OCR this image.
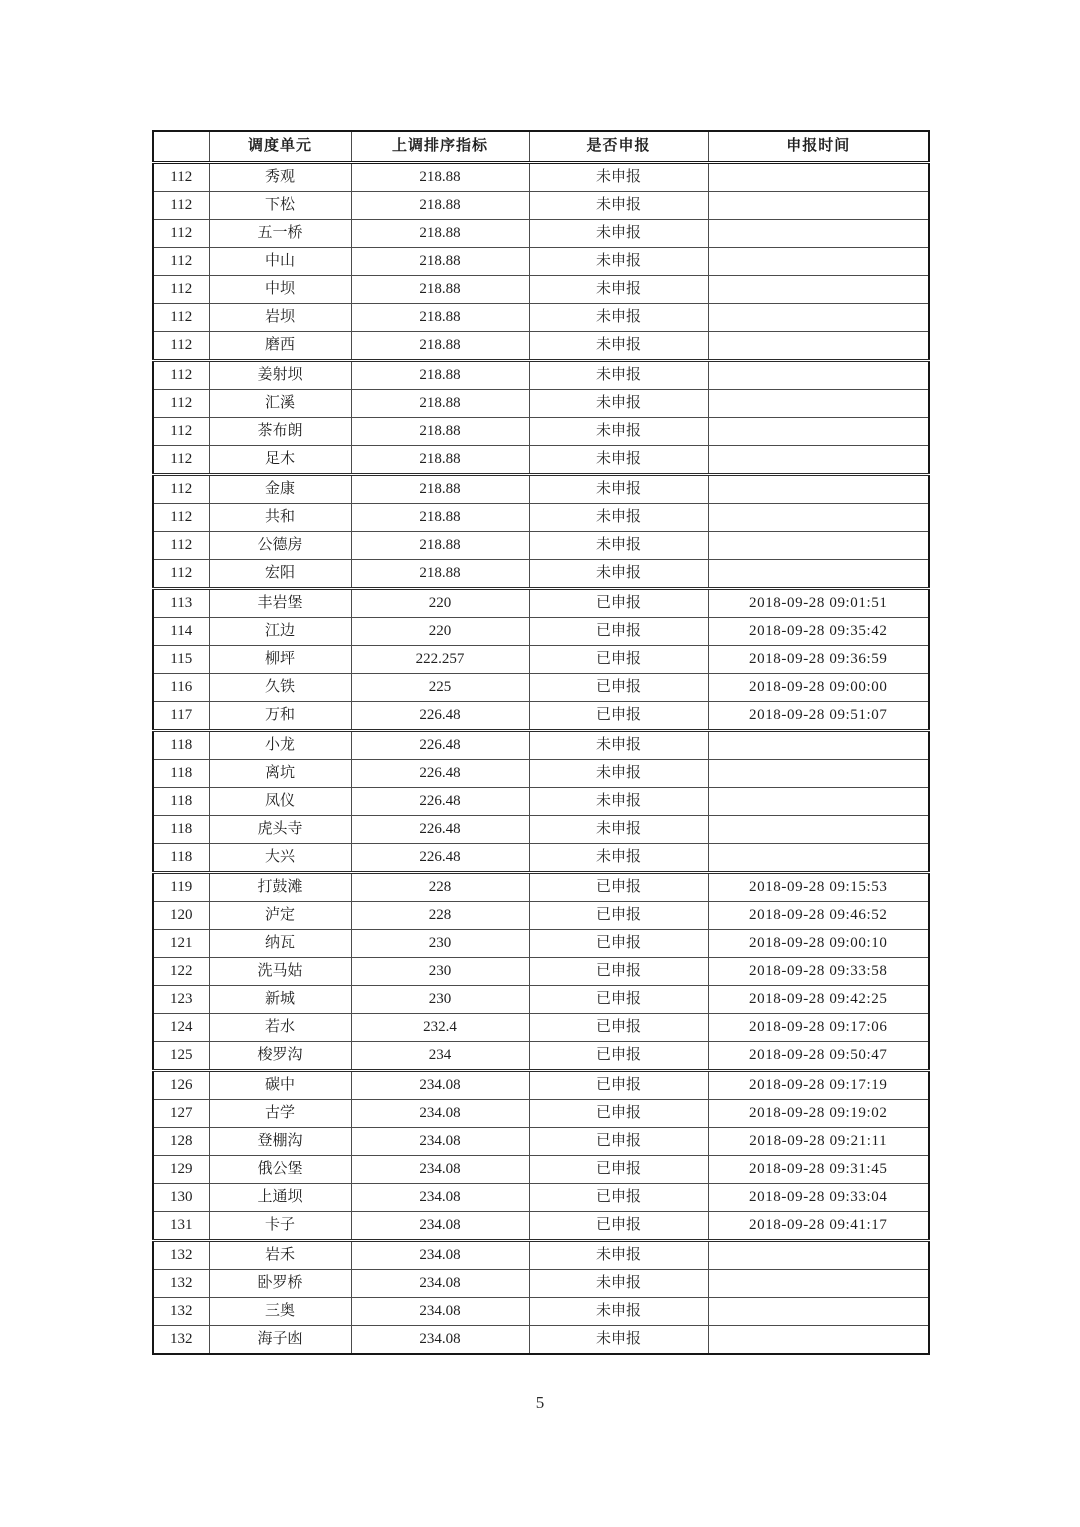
	调度单元	上调排序指标	是否申报	申报时间
112	秀观	218.88	未申报	
112	下松	218.88	未申报	
112	五一桥	218.88	未申报	
112	中山	218.88	未申报	
112	中坝	218.88	未申报	
112	岩坝	218.88	未申报	
112	磨西	218.88	未申报	
112	姜射坝	218.88	未申报	
112	汇溪	218.88	未申报	
112	茶布朗	218.88	未申报	
112	足木	218.88	未申报	
112	金康	218.88	未申报	
112	共和	218.88	未申报	
112	公德房	218.88	未申报	
112	宏阳	218.88	未申报	
113	丰岩堡	220	已申报	2018-09-28 09:01:51
114	江边	220	已申报	2018-09-28 09:35:42
115	柳坪	222.257	已申报	2018-09-28 09:36:59
116	久铁	225	已申报	2018-09-28 09:00:00
117	万和	226.48	已申报	2018-09-28 09:51:07
118	小龙	226.48	未申报	
118	离坑	226.48	未申报	
118	凤仪	226.48	未申报	
118	虎头寺	226.48	未申报	
118	大兴	226.48	未申报	
119	打鼓滩	228	已申报	2018-09-28 09:15:53
120	泸定	228	已申报	2018-09-28 09:46:52
121	纳瓦	230	已申报	2018-09-28 09:00:10
122	洗马姑	230	已申报	2018-09-28 09:33:58
123	新城	230	已申报	2018-09-28 09:42:25
124	若水	232.4	已申报	2018-09-28 09:17:06
125	梭罗沟	234	已申报	2018-09-28 09:50:47
126	碳中	234.08	已申报	2018-09-28 09:17:19
127	古学	234.08	已申报	2018-09-28 09:19:02
128	登棚沟	234.08	已申报	2018-09-28 09:21:11
129	俄公堡	234.08	已申报	2018-09-28 09:31:45
130	上通坝	234.08	已申报	2018-09-28 09:33:04
131	卡子	234.08	已申报	2018-09-28 09:41:17
132	岩禾	234.08	未申报	
132	卧罗桥	234.08	未申报	
132	三奥	234.08	未申报	
132	海子凼	234.08	未申报	
5
